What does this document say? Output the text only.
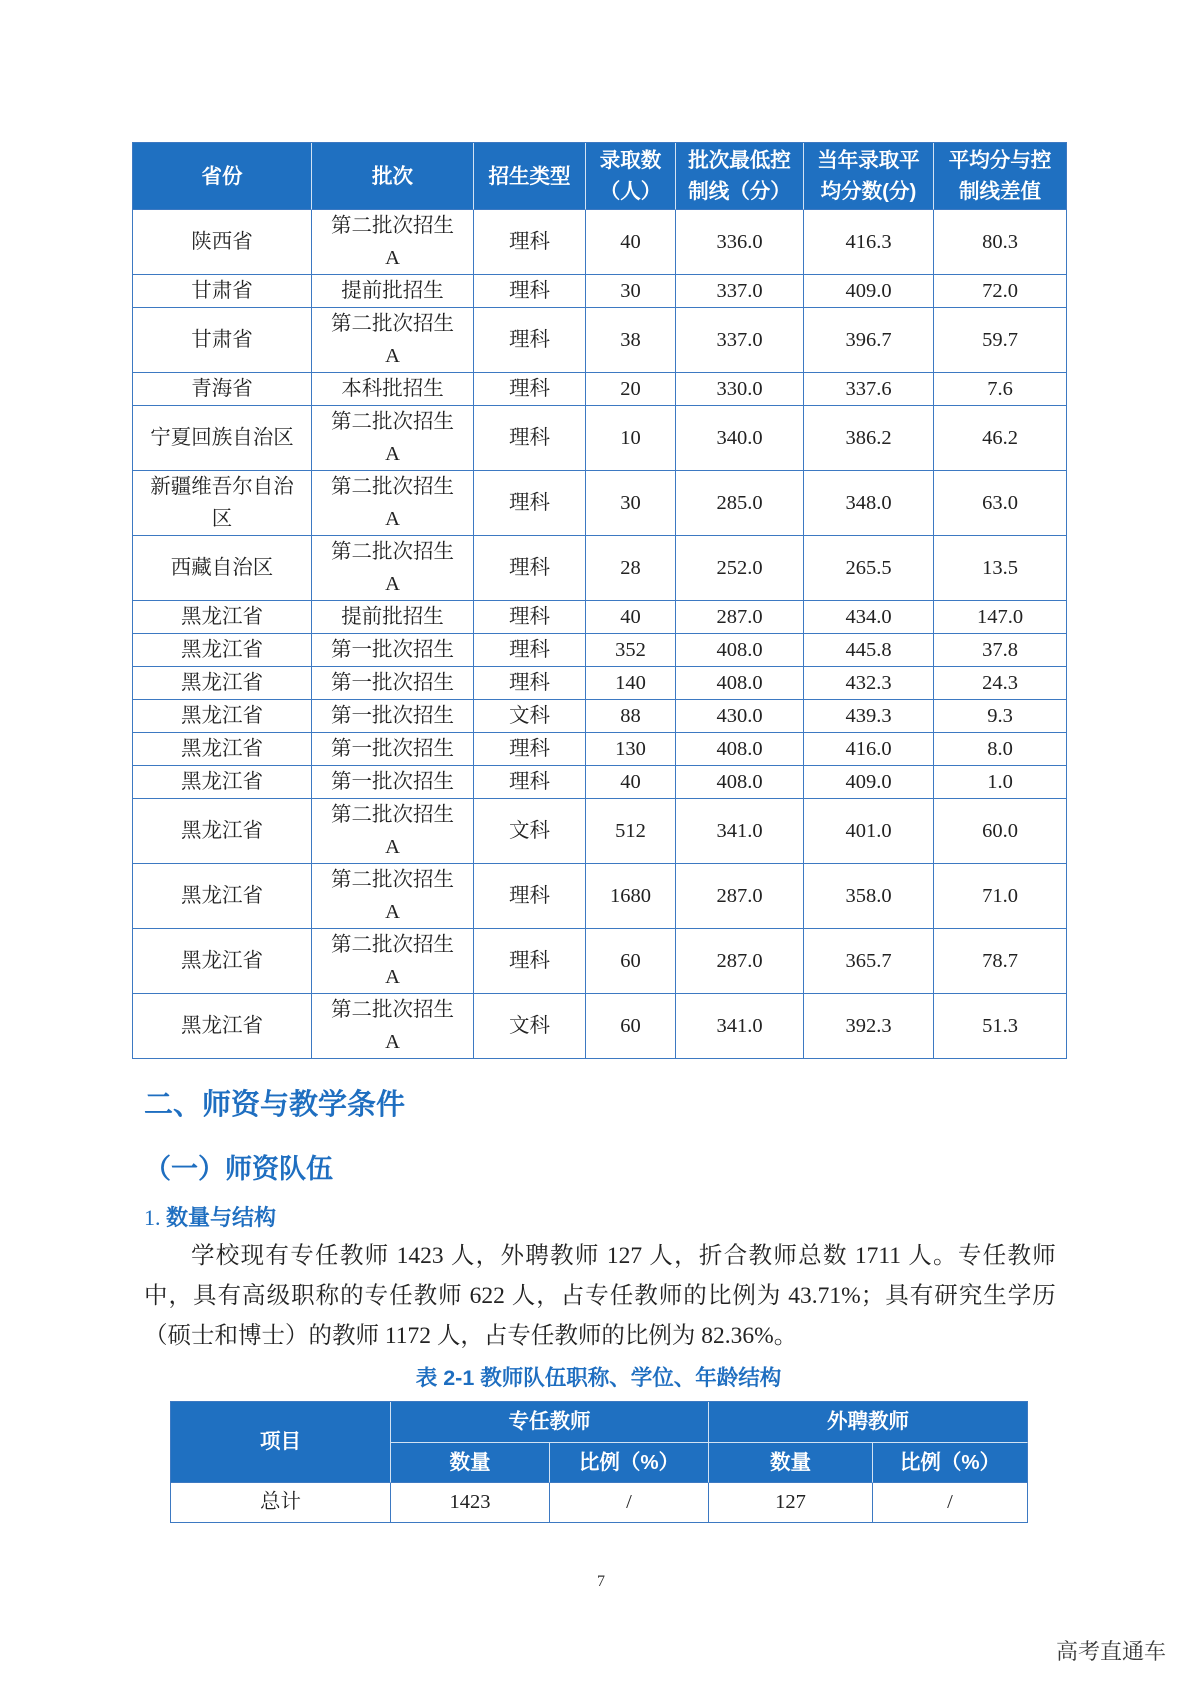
省份	批次	招生类型	录取数（人）	批次最低控制线（分）	当年录取平均分数(分)	平均分与控制线差值
陕西省	第二批次招生A	理科	40	336.0	416.3	80.3
甘肃省	提前批招生	理科	30	337.0	409.0	72.0
甘肃省	第二批次招生A	理科	38	337.0	396.7	59.7
青海省	本科批招生	理科	20	330.0	337.6	7.6
宁夏回族自治区	第二批次招生A	理科	10	340.0	386.2	46.2
新疆维吾尔自治区	第二批次招生A	理科	30	285.0	348.0	63.0
西藏自治区	第二批次招生A	理科	28	252.0	265.5	13.5
黑龙江省	提前批招生	理科	40	287.0	434.0	147.0
黑龙江省	第一批次招生	理科	352	408.0	445.8	37.8
黑龙江省	第一批次招生	理科	140	408.0	432.3	24.3
黑龙江省	第一批次招生	文科	88	430.0	439.3	9.3
黑龙江省	第一批次招生	理科	130	408.0	416.0	8.0
黑龙江省	第一批次招生	理科	40	408.0	409.0	1.0
黑龙江省	第二批次招生A	文科	512	341.0	401.0	60.0
黑龙江省	第二批次招生A	理科	1680	287.0	358.0	71.0
黑龙江省	第二批次招生A	理科	60	287.0	365.7	78.7
黑龙江省	第二批次招生A	文科	60	341.0	392.3	51.3
二、师资与教学条件
（一）师资队伍
1. 数量与结构
学校现有专任教师 1423 人，外聘教师 127 人，折合教师总数 1711 人。专任教师中，具有高级职称的专任教师 622 人，占专任教师的比例为 43.71%；具有研究生学历（硕士和博士）的教师 1172 人，占专任教师的比例为 82.36%。
表 2-1 教师队伍职称、学位、年龄结构
项目	专任教师		外聘教师	
	数量	比例（%）	数量	比例（%）
总计	1423	/	127	/
7
高考直通车
